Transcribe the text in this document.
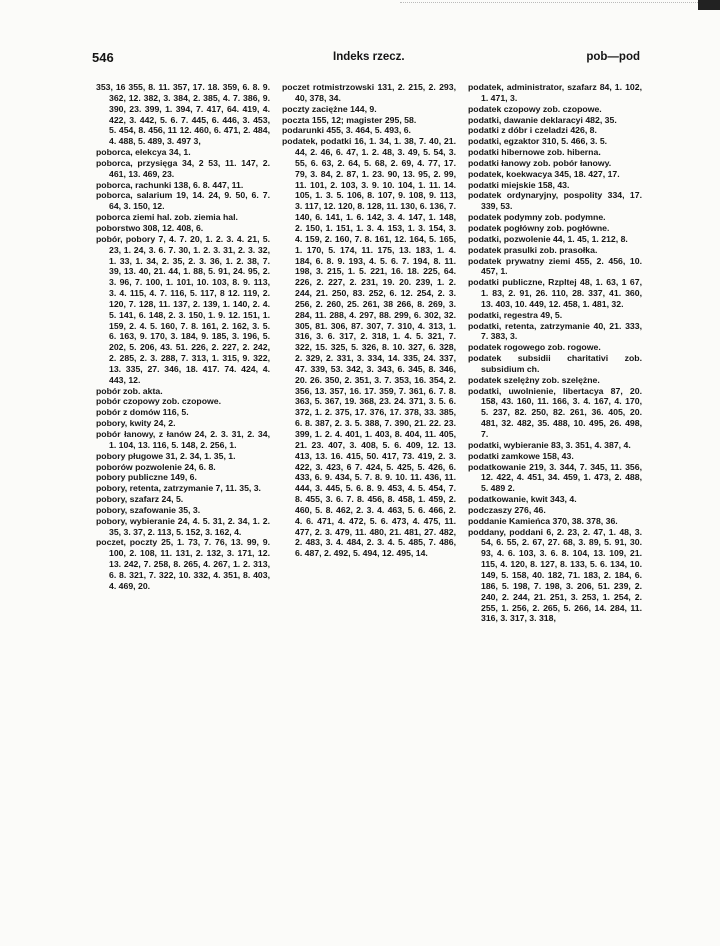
546	Indeks rzecz.	pob—pod
353, 16 355, 8. 11. 357, 17. 18. 359, 6. 8. 9. 362, 12. 382, 3. 384, 2. 385, 4. 7. 386, 9. 390, 23. 399, 1. 394, 7. 417, 64. 419, 4. 422, 3. 442, 5. 6. 7. 445, 6. 446, 3. 453, 5. 454, 8. 456, 11 12. 460, 6. 471, 2. 484, 4. 488, 5. 489, 3. 497 3,
poborca, elekcya 34, 1.
poborca, przysięga 34, 2 53, 11. 147, 2. 461, 13. 469, 23.
poborca, rachunki 138, 6. 8. 447, 11.
poborca, salarium 19, 14. 24, 9. 50, 6. 7. 64, 3. 150, 12.
poborca ziemi hal. zob. ziemia hal.
poborstwo 308, 12. 408, 6.
pobór, pobory 7, 4. 7. 20, 1. 2. 3. 4. 21, 5. 23, 1. 24, 3. 6. 7. 30, 1. 2. 3. 31, 2. 3. 32, 1. 33, 1. 34, 2. 35, 2. 3. 36, 1. 2. 38, 7. 39, 13. 40, 21. 44, 1. 88, 5. 91, 24. 95, 2. 3. 96, 7. 100, 1. 101, 10. 103, 8. 9. 113, 3. 4. 115, 4. 7. 116, 5. 117, 8 12. 119, 2. 120, 7. 128, 11. 137, 2. 139, 1. 140, 2. 4. 5. 141, 6. 148, 2. 3. 150, 1. 9. 12. 151, 1. 159, 2. 4. 5. 160, 7. 8. 161, 2. 162, 3. 5. 6. 163, 9. 170, 3. 184, 9. 185, 3. 196, 5. 202, 5. 206, 43. 51. 226, 2. 227, 2. 242, 2. 285, 2. 3. 288, 7. 313, 1. 315, 9. 322, 13. 335, 27. 346, 18. 417. 74. 424, 4. 443, 12.
pobór zob. akta.
pobór czopowy zob. czopowe.
pobór z domów 116, 5.
pobory, kwity 24, 2.
pobór łanowy, z łanów 24, 2. 3. 31, 2. 34, 1. 104, 13. 116, 5. 148, 2. 256, 1.
pobory pługowe 31, 2. 34, 1. 35, 1.
poborów pozwolenie 24, 6. 8.
pobory publiczne 149, 6.
pobory, retenta, zatrzymanie 7, 11. 35, 3.
pobory, szafarz 24, 5.
pobory, szafowanie 35, 3.
pobory, wybieranie 24, 4. 5. 31, 2. 34, 1. 2. 35, 3. 37, 2. 113, 5. 152, 3. 162, 4.
poczet, poczty 25, 1. 73, 7. 76, 13. 99, 9. 100, 2. 108, 11. 131, 2. 132, 3. 171, 12. 13. 242, 7. 258, 8. 265, 4. 267, 1. 2. 313, 6. 8. 321, 7. 322, 10. 332, 4. 351, 8. 403, 4. 469, 20.
poczet rotmistrzowski 131, 2. 215, 2. 293, 40, 378, 34.
poczty zaciężne 144, 9.
poczta 155, 12; magister 295, 58.
podarunki 455, 3. 464, 5. 493, 6.
podatek, podatki 16, 1. 34, 1. 38, 7. 40, 21. 44, 2. 46, 6. 47, 1. 2. 48, 3. 49, 5. 54, 3. 55, 6. 63, 2. 64, 5. 68, 2. 69, 4. 77, 17. 79, 3. 84, 2. 87, 1. 23. 90, 13. 95, 2. 99, 11. 101, 2. 103, 3. 9. 10. 104, 1. 11. 14. 105, 1. 3. 5. 106, 8. 107, 9. 108, 9. 113, 3. 117, 12. 120, 8. 128, 11. 130, 6. 136, 7. 140, 6. 141, 1. 6. 142, 3. 4. 147, 1. 148, 2. 150, 1. 151, 1. 3. 4. 153, 1. 3. 154, 3. 4. 159, 2. 160, 7. 8. 161, 12. 164, 5. 165, 1. 170, 5. 174, 11. 175, 13. 183, 1. 4. 184, 6. 8. 9. 193, 4. 5. 6. 7. 194, 8. 11. 198, 3. 215, 1. 5. 221, 16. 18. 225, 64. 226, 2. 227, 2. 231, 19. 20. 239, 1. 2. 244, 21. 250, 83. 252, 6. 12. 254, 2. 3. 256, 2. 260, 25. 261, 38 266, 8. 269, 3. 284, 11. 288, 4. 297, 88. 299, 6. 302, 32. 305, 81. 306, 87. 307, 7. 310, 4. 313, 1. 316, 3. 6. 317, 2. 318, 1. 4. 5. 321, 7. 322, 15. 325, 5. 326, 8. 10. 327, 6. 328, 2. 329, 2. 331, 3. 334, 14. 335, 24. 337, 47. 339, 53. 342, 3. 343, 6. 345, 8. 346, 20. 26. 350, 2. 351, 3. 7. 353, 16. 354, 2. 356, 13. 357, 16. 17. 359, 7. 361, 6. 7. 8. 363, 5. 367, 19. 368, 23. 24. 371, 3. 5. 6. 372, 1. 2. 375, 17. 376, 17. 378, 33. 385, 6. 8. 387, 2. 3. 5. 388, 7. 390, 21. 22. 23. 399, 1. 2. 4. 401, 1. 403, 8. 404, 11. 405, 21. 23. 407, 3. 408, 5. 6. 409, 12. 13. 413, 13. 16. 415, 50. 417, 73. 419, 2. 3. 422, 3. 423, 6 7. 424, 5. 425, 5. 426, 6. 433, 6. 9. 434, 5. 7. 8. 9. 10. 11. 436, 11. 444, 3. 445, 5. 6. 8. 9. 453, 4. 5. 454, 7. 8. 455, 3. 6. 7. 8. 456, 8. 458, 1. 459, 2. 460, 5. 8. 462, 2. 3. 4. 463, 5. 6. 466, 2. 4. 6. 471, 4. 472, 5. 6. 473, 4. 475, 11. 477, 2. 3. 479, 11. 480, 21. 481, 27. 482, 2. 483, 3. 4. 484, 2. 3. 4. 5. 485, 7. 486, 6. 487, 2. 492, 5. 494, 12. 495, 14.
podatek, administrator, szafarz 84, 1. 102, 1. 471, 3.
podatek czopowy zob. czopowe.
podatki, dawanie deklaracyi 482, 35.
podatki z dóbr i czeladzi 426, 8.
podatki, egzaktor 310, 5. 466, 3. 5.
podatki hibernowe zob. hiberna.
podatki łanowy zob. pobór łanowy.
podatek, koekwacya 345, 18. 427, 17.
podatki miejskie 158, 43.
podatek ordynaryjny, pospolity 334, 17. 339, 53.
podatek podymny zob. podymne.
podatek pogłówny zob. pogłówne.
podatki, pozwolenie 44, 1. 45, 1. 212, 8.
podatek prasulki zob. prasołka.
podatek prywatny ziemi 455, 2. 456, 10. 457, 1.
podatki publiczne, Rzpltej 48, 1. 63, 1 67, 1. 83, 2. 91, 26. 110, 28. 337, 41. 360, 13. 403, 10. 449, 12. 458, 1. 481, 32.
podatki, regestra 49, 5.
podatki, retenta, zatrzymanie 40, 21. 333, 7. 383, 3.
podatek rogowego zob. rogowe.
podatek subsidii charitativi zob. subsidium ch.
podatek szelężny zob. szelężne.
podatki, uwolnienie, libertacya 87, 20. 158, 43. 160, 11. 166, 3. 4. 167, 4. 170, 5. 237, 82. 250, 82. 261, 36. 405, 20. 481, 32. 482, 35. 488, 10. 495, 26. 498, 7.
podatki, wybieranie 83, 3. 351, 4. 387, 4.
podatki zamkowe 158, 43.
podatkowanie 219, 3. 344, 7. 345, 11. 356, 12. 422, 4. 451, 34. 459, 1. 473, 2. 488, 5. 489 2.
podatkowanie, kwit 343, 4.
podczaszy 276, 46.
poddanie Kamieńca 370, 38. 378, 36.
poddany, poddani 6, 2. 23, 2. 47, 1. 48, 3. 54, 6. 55, 2. 67, 27. 68, 3. 89, 5. 91, 30. 93, 4. 6. 103, 3. 6. 8. 104, 13. 109, 21. 115, 4. 120, 8. 127, 8. 133, 5. 6. 134, 10. 149, 5. 158, 40. 182, 71. 183, 2. 184, 6. 186, 5. 198, 7. 198, 3. 206, 51. 239, 2. 240, 2. 244, 21. 251, 3. 253, 1. 254, 2. 255, 1. 256, 2. 265, 5. 266, 14. 284, 11. 316, 3. 317, 3. 318,
